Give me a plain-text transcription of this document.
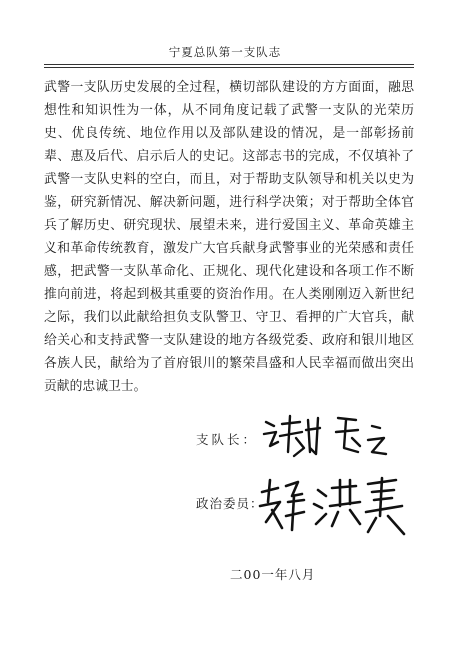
宁夏总队第一支队志

武警一支队历史发展的全过程，横切部队建设的方方面面，融思想性和知识性为一体，从不同角度记载了武警一支队的光荣历史、优良传统、地位作用以及部队建设的情况，是一部彰扬前辈、惠及后代、启示后人的史记。这部志书的完成，不仅填补了武警一支队史料的空白，而且，对于帮助支队领导和机关以史为鉴，研究新情况、解决新问题，进行科学决策；对于帮助全体官兵了解历史、研究现状、展望未来，进行爱国主义、革命英雄主义和革命传统教育，激发广大官兵献身武警事业的光荣感和责任感，把武警一支队革命化、正规化、现代化建设和各项工作不断推向前进，将起到极其重要的资治作用。在人类刚刚迈入新世纪之际，我们以此献给担负支队警卫、守卫、看押的广大官兵，献给关心和支持武警一支队建设的地方各级党委、政府和银川地区各族人民，献给为了首府银川的繁荣昌盛和人民幸福而做出突出贡献的忠诚卫士。

支队长：
政治委员：
二00一年八月
